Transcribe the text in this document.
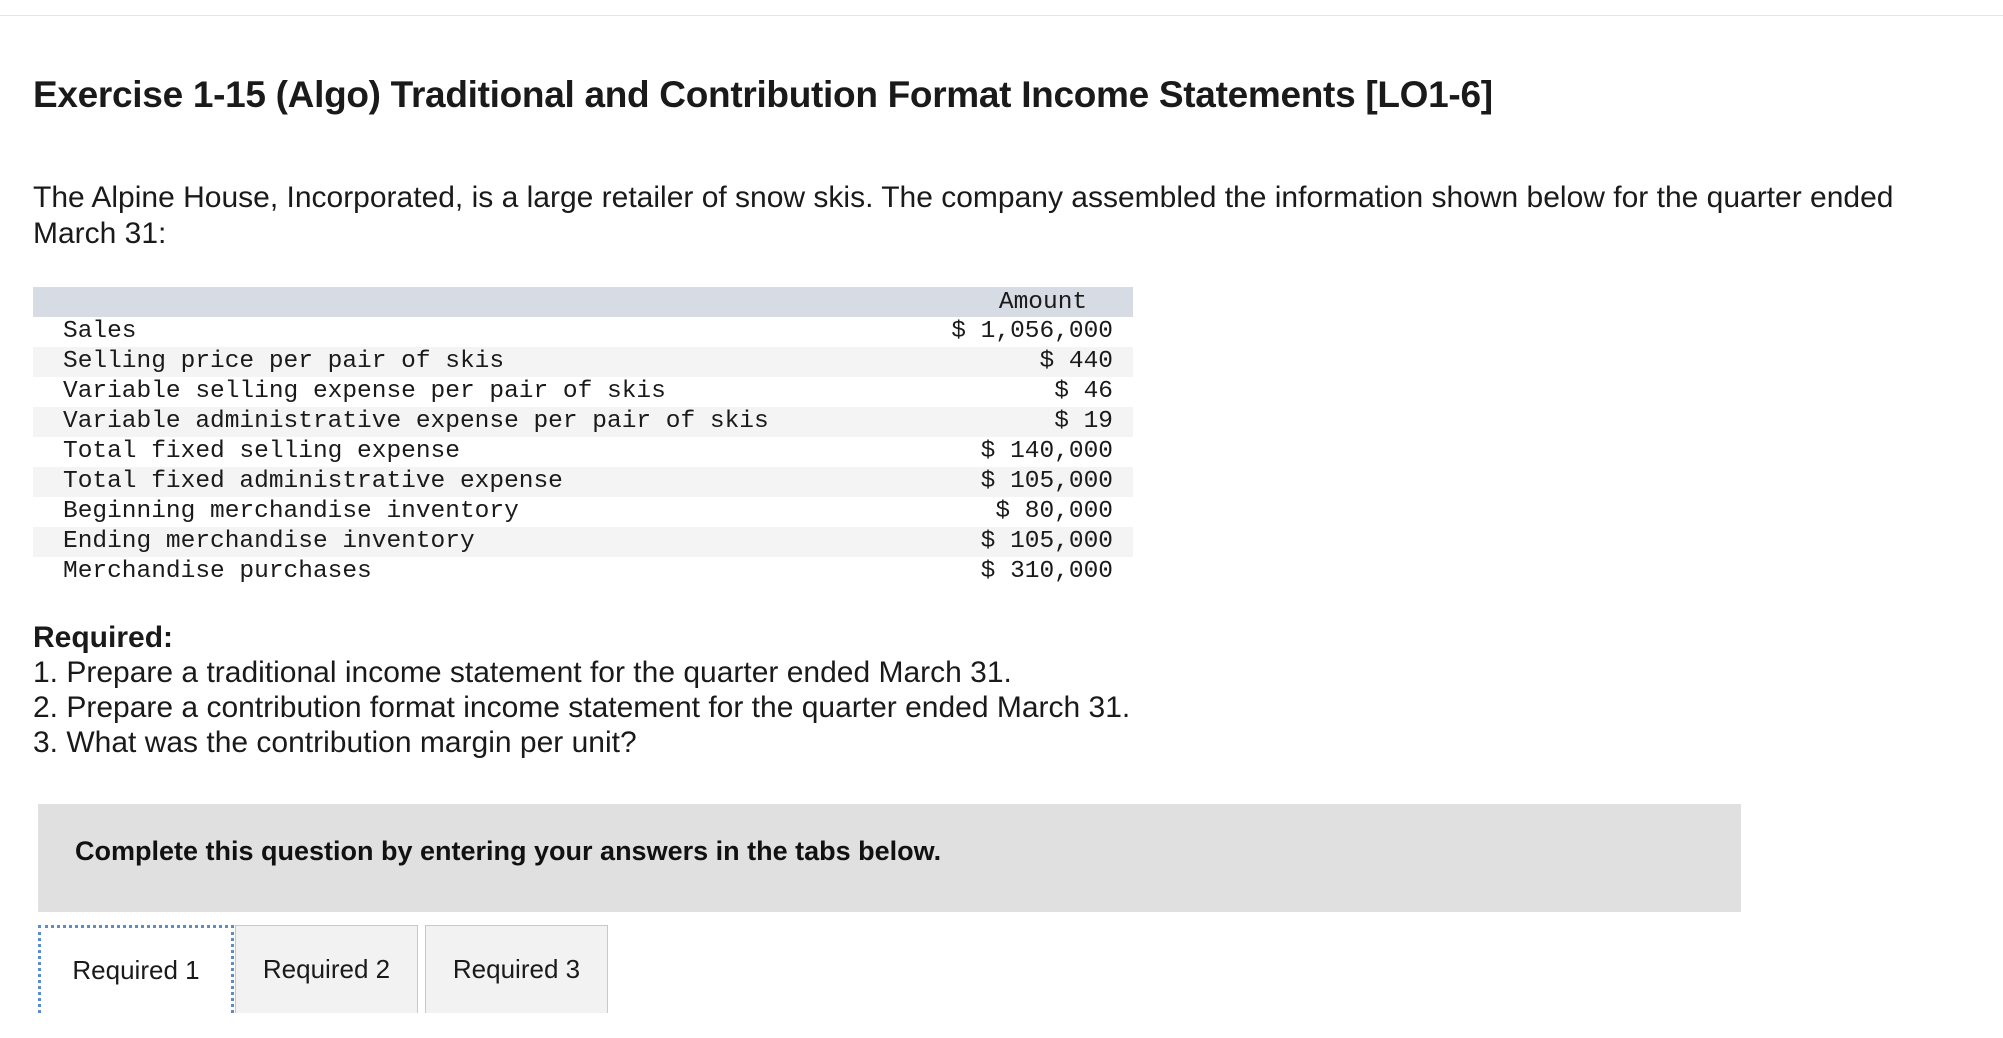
Exercise 1-15 (Algo) Traditional and Contribution Format Income Statements [LO1-6]

The Alpine House, Incorporated, is a large retailer of snow skis. The company assembled the information shown below for the quarter ended March 31:

	Amount
Sales	$ 1,056,000
Selling price per pair of skis	$ 440
Variable selling expense per pair of skis	$ 46
Variable administrative expense per pair of skis	$ 19
Total fixed selling expense	$ 140,000
Total fixed administrative expense	$ 105,000
Beginning merchandise inventory	$ 80,000
Ending merchandise inventory	$ 105,000
Merchandise purchases	$ 310,000
Required:
1. Prepare a traditional income statement for the quarter ended March 31.
2. Prepare a contribution format income statement for the quarter ended March 31.
3. What was the contribution margin per unit?
Complete this question by entering your answers in the tabs below.
Required 1	Required 2	Required 3
